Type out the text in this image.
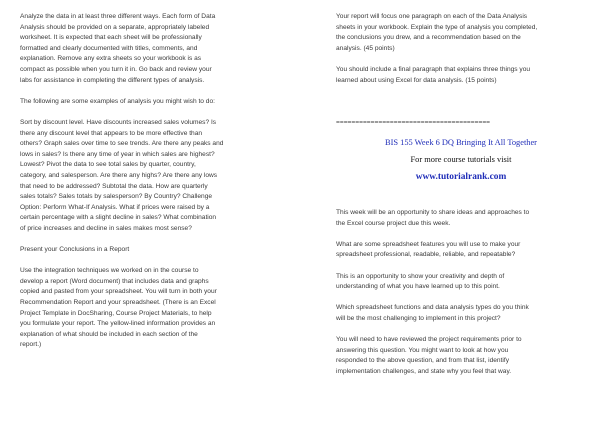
Analyze the data in at least three different ways. Each form of Data

Analysis should be provided on a separate, appropriately labeled

worksheet. It is expected that each sheet will be professionally

formatted and clearly documented with titles, comments, and

explanation. Remove any extra sheets so your workbook is as

compact as possible when you turn it in. Go back and review your

labs for assistance in completing the different types of analysis.

The following are some examples of analysis you might wish to do:

Sort by discount level. Have discounts increased sales volumes? Is

there any discount level that appears to be more effective than

others? Graph sales over time to see trends. Are there any peaks and

lows in sales? Is there any time of year in which sales are highest?

Lowest? Pivot the data to see total sales by quarter, country,

category, and salesperson. Are there any highs? Are there any lows

that need to be addressed? Subtotal the data. How are quarterly

sales totals? Sales totals by salesperson? By Country? Challenge

Option: Perform What-If Analysis. What if prices were raised by a

certain percentage with a slight decline in sales? What combination

of price increases and decline in sales makes most sense?

Present your Conclusions in a Report

Use the integration techniques we worked on in the course to

develop a report (Word document) that includes data and graphs

copied and pasted from your spreadsheet. You will turn in both your

Recommendation Report and your spreadsheet. (There is an Excel

Project Template in DocSharing, Course Project Materials, to help

you formulate your report. The yellow-lined information provides an

explanation of what should be included in each section of the

report.)

Your report will focus one paragraph on each of the Data Analysis

sheets in your workbook. Explain the type of analysis you completed,

the conclusions you drew, and a recommendation based on the

analysis. (45 points)

You should include a final paragraph that explains three things you

learned about using Excel for data analysis. (15 points)

========================================
BIS 155 Week 6 DQ Bringing It All Together
For more course tutorials visit
www.tutorialrank.com

This week will be an opportunity to share ideas and approaches to

the Excel course project due this week.

What are some spreadsheet features you will use to make your

spreadsheet professional, readable, reliable, and repeatable?

This is an opportunity to show your creativity and depth of

understanding of what you have learned up to this point.

Which spreadsheet functions and data analysis types do you think

will be the most challenging to implement in this project?

You will need to have reviewed the project requirements prior to

answering this question. You might want to look at how you

responded to the above question, and from that list, identify

implementation challenges, and state why you feel that way.
